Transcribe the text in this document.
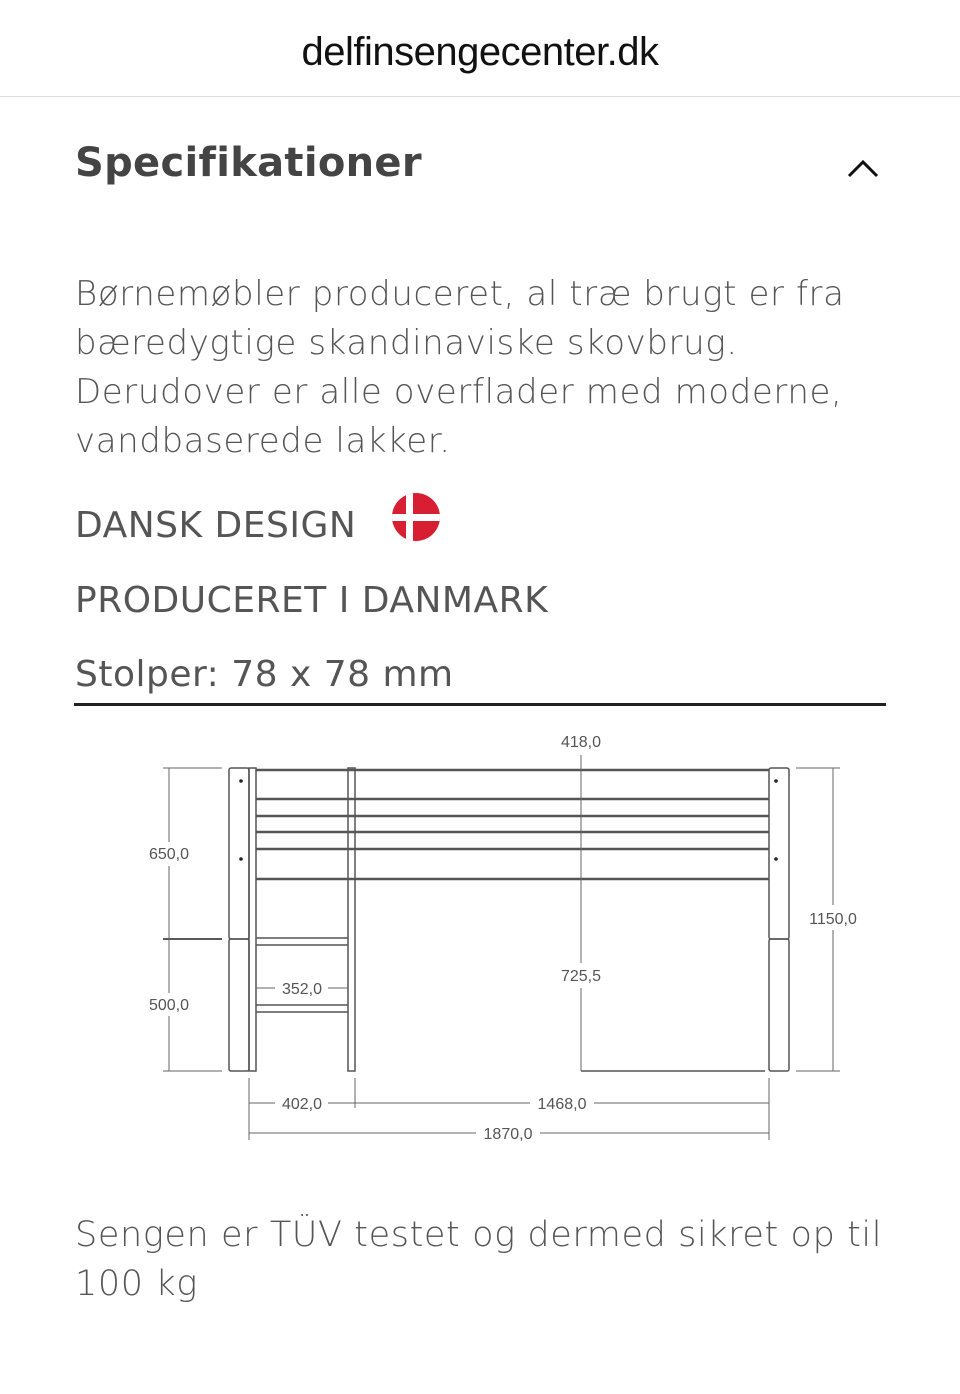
delfinsengecenter.dk
Specifikationer
Børnemøbler produceret, al træ brugt er fra bæredygtige skandinaviske skovbrug. Derudover er alle overflader med moderne, vandbaserede lakker.
DANSK DESIGN
PRODUCERET I DANMARK
Stolper: 78 x 78 mm
418,0
650,0
500,0
1150,0
352,0
725,5
402,0	1468,0
1870,0
Sengen er TÜV testet og dermed sikret op til 100 kg
